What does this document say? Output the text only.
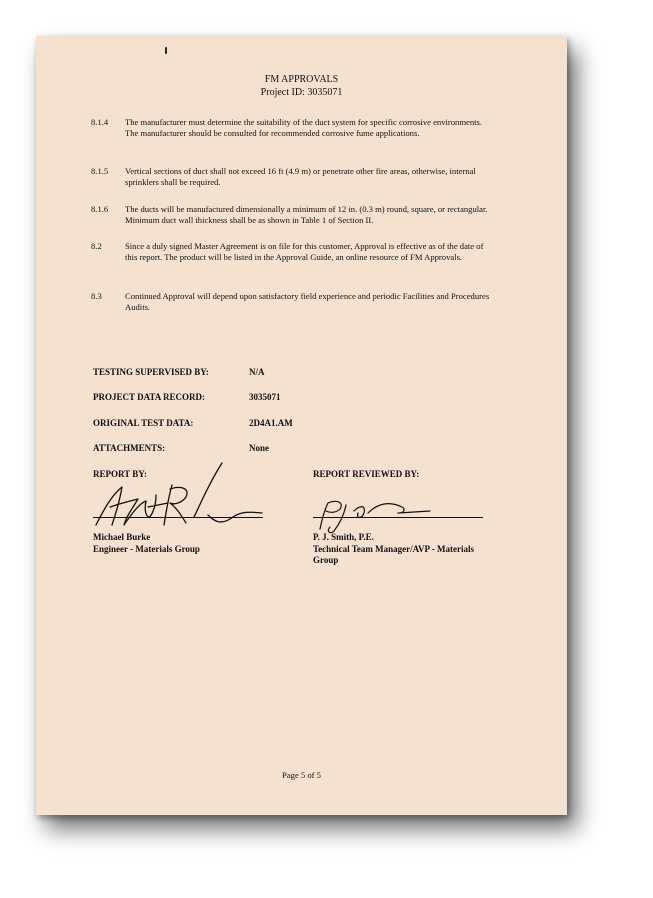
FM APPROVALS
Project ID: 3035071
8.1.4 The manufacturer must determine the suitability of the duct system for specific corrosive environments. The manufacturer should be consulted for recommended corrosive fume applications.
8.1.5 Vertical sections of duct shall not exceed 16 ft (4.9 m) or penetrate other fire areas, otherwise, internal sprinklers shall be required.
8.1.6 The ducts will be manufactured dimensionally a minimum of 12 in. (0.3 m) round, square, or rectangular. Minimum duct wall thickness shall be as shown in Table 1 of Section II.
8.2	Since a duly signed Master Agreement is on file for this customer, Approval is effective as of the date of this report. The product will be listed in the Approval Guide, an online resource of FM Approvals.
8.3	Continued Approval will depend upon satisfactory field experience and periodic Facilities and Procedures Audits.
TESTING SUPERVISED BY:	N/A
PROJECT DATA RECORD:	3035071
ORIGINAL TEST DATA:	2D4A1.AM
ATTACHMENTS:	None
REPORT BY:	REPORT REVIEWED BY:
Michael Burke
Engineer - Materials Group
P. J. Smith, P.E.
Technical Team Manager/AVP - Materials
Group
Page 5 of 5
